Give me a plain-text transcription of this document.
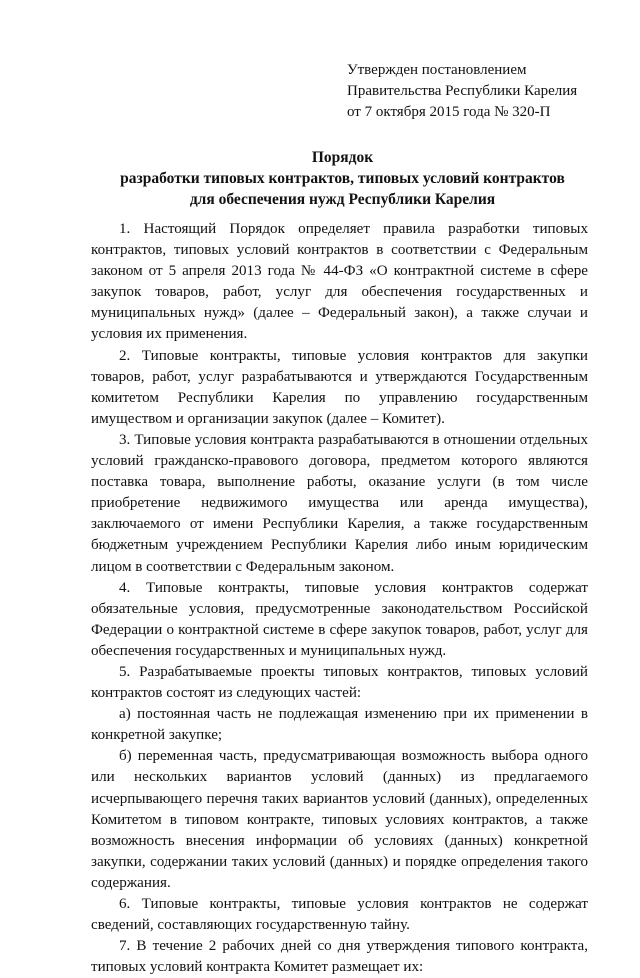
Утвержден постановлением
Правительства Республики Карелия
от 7 октября 2015 года № 320-П
Порядок
разработки типовых контрактов, типовых условий контрактов
для обеспечения нужд Республики Карелия

1. Настоящий Порядок определяет правила разработки типовых контрактов, типовых условий контрактов в соответствии с Федеральным законом от 5 апреля 2013 года № 44-ФЗ «О контрактной системе в сфере закупок товаров, работ, услуг для обеспечения государственных и муниципальных нужд» (далее – Федеральный закон), а также случаи и условия их применения.

2. Типовые контракты, типовые условия контрактов для закупки товаров, работ, услуг разрабатываются и утверждаются Государственным комитетом Республики Карелия по управлению государственным имуществом и организации закупок (далее – Комитет).

3. Типовые условия контракта разрабатываются в отношении отдельных условий гражданско-правового договора, предметом которого являются поставка товара, выполнение работы, оказание услуги (в том числе приобретение недвижимого имущества или аренда имущества), заключаемого от имени Республики Карелия, а также государственным бюджетным учреждением Республики Карелия либо иным юридическим лицом в соответствии с Федеральным законом.

4. Типовые контракты, типовые условия контрактов содержат обязательные условия, предусмотренные законодательством Российской Федерации о контрактной системе в сфере закупок товаров, работ, услуг для обеспечения государственных и муниципальных нужд.

5. Разрабатываемые проекты типовых контрактов, типовых условий контрактов состоят из следующих частей:

а) постоянная часть не подлежащая изменению при их применении в конкретной закупке;

б) переменная часть, предусматривающая возможность выбора одного или нескольких вариантов условий (данных) из предлагаемого исчерпывающего перечня таких вариантов условий (данных), определенных Комитетом в типовом контракте, типовых условиях контрактов, а также возможность внесения информации об условиях (данных) конкретной закупки, содержании таких условий (данных) и порядке определения такого содержания.

6. Типовые контракты, типовые условия контрактов не содержат сведений, составляющих государственную тайну.

7. В течение 2 рабочих дней со дня утверждения типового контракта, типовых условий контракта Комитет размещает их:
